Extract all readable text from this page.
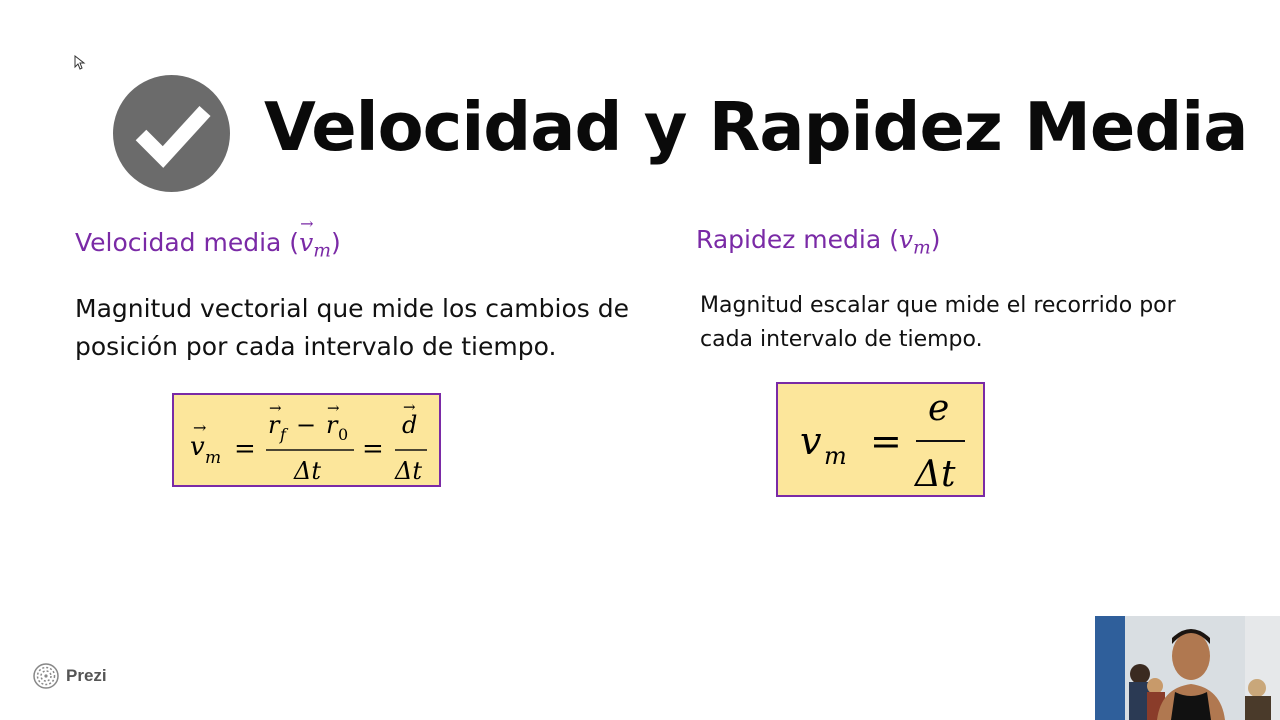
Velocidad y Rapidez Media
Velocidad media (
→
$v_m$)	Rapidez media $(v_m)$
Magnitud vectorial que mide los cambios de posición por cada intervalo de tiempo.
Magnitud escalar que mide el recorrido por cada intervalo de tiempo.
v
→
m =
r
→
f − r
→
0
Δt
=
d
→
Δt
v m =
e
Δt
Prezi
